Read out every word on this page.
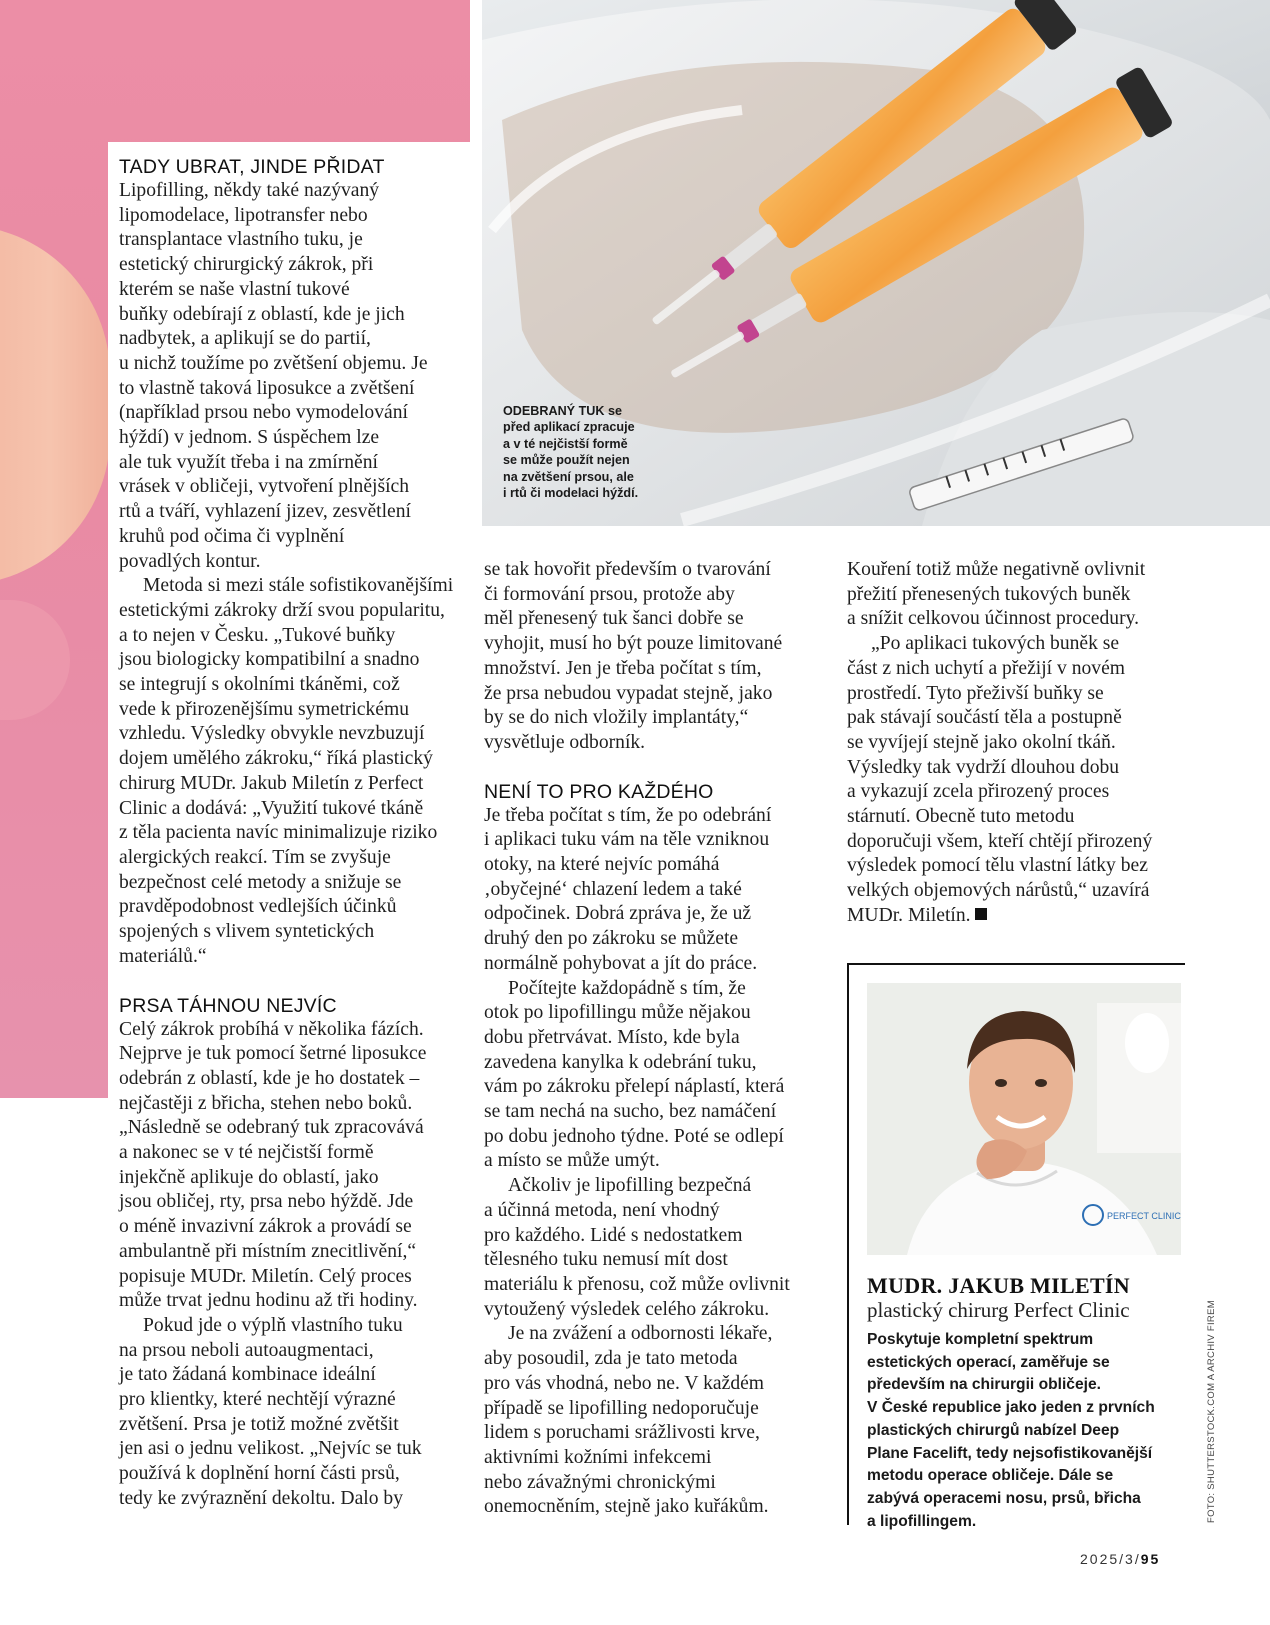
ODEBRANÝ TUK se
před aplikací zpracuje
a v té nejčistší formě
se může použít nejen
na zvětšení prsou, ale
i rtů či modelaci hýždí.
TADY UBRAT, JINDE PŘIDAT
Lipofilling, někdy také nazývaný
lipomodelace, lipotransfer nebo
transplantace vlastního tuku, je
estetický chirurgický zákrok, při
kterém se naše vlastní tukové
buňky odebírají z oblastí, kde je jich
nadbytek, a aplikují se do partií,
u nichž toužíme po zvětšení objemu. Je
to vlastně taková liposukce a zvětšení
(například prsou nebo vymodelování
hýždí) v jednom. S úspěchem lze
ale tuk využít třeba i na zmírnění
vrásek v obličeji, vytvoření plnějších
rtů a tváří, vyhlazení jizev, zesvětlení
kruhů pod očima či vyplnění
povadlých kontur.
Metoda si mezi stále sofistikovanějšími
estetickými zákroky drží svou popularitu,
a to nejen v Česku. „Tukové buňky
jsou biologicky kompatibilní a snadno
se integrují s okolními tkáněmi, což
vede k přirozenějšímu symetrickému
vzhledu. Výsledky obvykle nevzbuzují
dojem umělého zákroku,“ říká plastický
chirurg MUDr. Jakub Miletín z Perfect
Clinic a dodává: „Využití tukové tkáně
z těla pacienta navíc minimalizuje riziko
alergických reakcí. Tím se zvyšuje
bezpečnost celé metody a snižuje se
pravděpodobnost vedlejších účinků
spojených s vlivem syntetických
materiálů.“
PRSA TÁHNOU NEJVÍC
Celý zákrok probíhá v několika fázích.
Nejprve je tuk pomocí šetrné liposukce
odebrán z oblastí, kde je ho dostatek –
nejčastěji z břicha, stehen nebo boků.
„Následně se odebraný tuk zpracovává
a nakonec se v té nejčistší formě
injekčně aplikuje do oblastí, jako
jsou obličej, rty, prsa nebo hýždě. Jde
o méně invazivní zákrok a provádí se
ambulantně při místním znecitlivění,“
popisuje MUDr. Miletín. Celý proces
může trvat jednu hodinu až tři hodiny.
Pokud jde o výplň vlastního tuku
na prsou neboli autoaugmentaci,
je tato žádaná kombinace ideální
pro klientky, které nechtějí výrazné
zvětšení. Prsa je totiž možné zvětšit
jen asi o jednu velikost. „Nejvíc se tuk
používá k doplnění horní části prsů,
tedy ke zvýraznění dekoltu. Dalo by
se tak hovořit především o tvarování
či formování prsou, protože aby
měl přenesený tuk šanci dobře se
vyhojit, musí ho být pouze limitované
množství. Jen je třeba počítat s tím,
že prsa nebudou vypadat stejně, jako
by se do nich vložily implantáty,“
vysvětluje odborník.
NENÍ TO PRO KAŽDÉHO
Je třeba počítat s tím, že po odebrání
i aplikaci tuku vám na těle vzniknou
otoky, na které nejvíc pomáhá
‚obyčejné‘ chlazení ledem a také
odpočinek. Dobrá zpráva je, že už
druhý den po zákroku se můžete
normálně pohybovat a jít do práce.
Počítejte každopádně s tím, že
otok po lipofillingu může nějakou
dobu přetrvávat. Místo, kde byla
zavedena kanylka k odebrání tuku,
vám po zákroku přelepí náplastí, která
se tam nechá na sucho, bez namáčení
po dobu jednoho týdne. Poté se odlepí
a místo se může umýt.
Ačkoliv je lipofilling bezpečná
a účinná metoda, není vhodný
pro každého. Lidé s nedostatkem
tělesného tuku nemusí mít dost
materiálu k přenosu, což může ovlivnit
vytoužený výsledek celého zákroku.
Je na zvážení a odbornosti lékaře,
aby posoudil, zda je tato metoda
pro vás vhodná, nebo ne. V každém
případě se lipofilling nedoporučuje
lidem s poruchami srážlivosti krve,
aktivními kožními infekcemi
nebo závažnými chronickými
onemocněním, stejně jako kuřákům.
Kouření totiž může negativně ovlivnit
přežití přenesených tukových buněk
a snížit celkovou účinnost procedury.
„Po aplikaci tukových buněk se
část z nich uchytí a přežijí v novém
prostředí. Tyto přeživší buňky se
pak stávají součástí těla a postupně
se vyvíjejí stejně jako okolní tkáň.
Výsledky tak vydrží dlouhou dobu
a vykazují zcela přirozený proces
stárnutí. Obecně tuto metodu
doporučuji všem, kteří chtějí přirozený
výsledek pomocí tělu vlastní látky bez
velkých objemových nárůstů,“ uzavírá
MUDr. Miletín.
PERFECT CLINIC
MUDR. JAKUB MILETÍN
plastický chirurg Perfect Clinic
Poskytuje kompletní spektrum
estetických operací, zaměřuje se
především na chirurgii obličeje.
V České republice jako jeden z prvních
plastických chirurgů nabízel Deep
Plane Facelift, tedy nejsofistikovanější
metodu operace obličeje. Dále se
zabývá operacemi nosu, prsů, břicha
a lipofillingem.	FOTO: SHUTTERSTOCK.COM A ARCHIV FIREM
2025/3/95
